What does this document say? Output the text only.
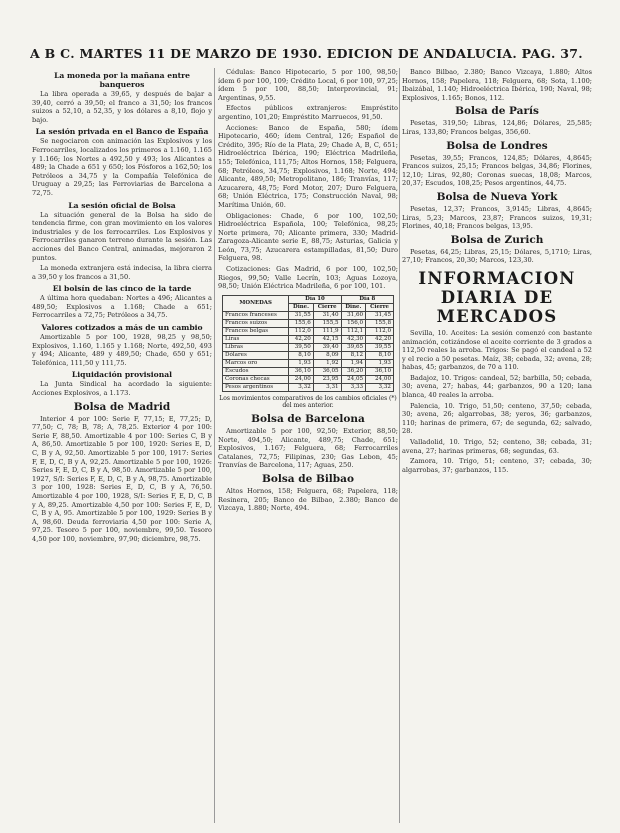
A B C. MARTES 11 DE MARZO DE 1930. EDICION DE ANDALUCIA. PAG. 37.
La moneda por la mañana entre banqueros

La libra operada a 39,65, y después de bajar a 39,40, cerró a 39,50; el franco a 31,50; los francos suizos a 52,10, a 52,35, y los dólares a 8,10, flojo y bajo.

La sesión privada en el Banco de España

Se negociaron con animación las Explosivos y los Ferrocarriles, localizados los primeros a 1.160, 1.165 y 1.166; los Nortes a 492,50 y 493; los Alicantes a 489; la Chade a 651 y 650; los Fósforos a 162,50; los Petróleos a 34,75 y la Compañía Telefónica de Uruguay a 29,25; las Ferroviarias de Barcelona a 72,75.

La sesión oficial de Bolsa

La situación general de la Bolsa ha sido de tendencia firme, con gran movimiento en los valores industriales y de los ferrocarriles. Los Explosivos y Ferrocarriles ganaron terreno durante la sesión. Las acciones del Banco Central, animadas, mejoraron 2 puntos.

La moneda extranjera está indecisa, la libra cierra a 39,50 y los francos a 31,50.

El bolsín de las cinco de la tarde

A última hora quedaban: Nortes a 496; Alicantes a 489,50; Explosivos a 1.168; Chade a 651; Ferrocarriles a 72,75; Petróleos a 34,75.

Valores cotizados a más de un cambio

Amortizable 5 por 100, 1928, 98,25 y 98,50; Explosivos, 1.160, 1.165 y 1.168; Norte, 492,50, 493 y 494; Alicante, 489 y 489,50; Chade, 650 y 651; Telefónica, 111,50 y 111,75.

Liquidación provisional

La Junta Sindical ha acordado la siguiente: Acciones Explosivos, a 1.173.

Bolsa de Madrid

Interior 4 por 100: Serie F, 77,15; E, 77,25; D, 77,50; C, 78; B, 78; A, 78,25. Exterior 4 por 100: Serie F, 88,50. Amortizable 4 por 100: Series C, B y A, 86,50. Amortizable 5 por 100, 1920: Series E, D, C, B y A, 92,50. Amortizable 5 por 100, 1917: Series F, E, D, C, B y A, 92,25. Amortizable 5 por 100, 1926: Series F, E, D, C, B y A, 98,50. Amortizable 5 por 100, 1927, S/I: Series F, E, D, C, B y A, 98,75. Amortizable 3 por 100, 1928: Series E, D, C, B y A, 76,50. Amortizable 4 por 100, 1928, S/I: Series F, E, D, C, B y A, 89,25. Amortizable 4,50 por 100: Series F, E, D, C, B y A, 95. Amortizable 5 por 100, 1929: Series B y A, 98,60. Deuda ferroviaria 4,50 por 100: Serie A, 97,25. Tesoro 5 por 100, noviembre, 99,50. Tesoro 4,50 por 100, noviembre, 97,90; diciembre, 98,75.

Cédulas: Banco Hipotecario, 5 por 100, 98,50; ídem 6 por 100, 109; Crédito Local, 6 por 100, 97,25; ídem 5 por 100, 88,50; Interprovincial, 91; Argentinas, 9,55.

Efectos públicos extranjeros: Empréstito argentino, 101,20; Empréstito Marruecos, 91,50.

Acciones: Banco de España, 580; ídem Hipotecario, 460; ídem Central, 126; Español de Crédito, 395; Río de la Plata, 29; Chade A, B, C, 651; Hidroeléctrica Ibérica, 190; Eléctrica Madrileña, 155; Telefónica, 111,75; Altos Hornos, 158; Felguera, 68; Petróleos, 34,75; Explosivos, 1.168; Norte, 494; Alicante, 489,50; Metropolitano, 186; Tranvías, 117; Azucarera, 48,75; Ford Motor, 207; Duro Felguera, 68; Unión Eléctrica, 175; Construcción Naval, 98; Marítima Unión, 60.

Obligaciones: Chade, 6 por 100, 102,50; Hidroeléctrica Española, 100; Telefónica, 98,25; Norte primera, 70; Alicante primera, 330; Madrid-Zaragoza-Alicante serie E, 88,75; Asturias, Galicia y León, 73,75; Azucarera estampilladas, 81,50; Duro Felguera, 98.

Cotizaciones: Gas Madrid, 6 por 100, 102,50; Riegos, 99,50; Valle Lecrín, 103; Aguas Lozoya, 98,50; Unión Eléctrica Madrileña, 6 por 100, 101.

MONEDAS	Día 10		Día 8	
	Dine.	Cierre	Dine.	Cierre
Francos franceses	31,55	31,40	31,60	31,45
Francos suizos	155,6	155,5	156,0	155,8
Francos belgas	112,0	111,9	112,1	112,0
Liras	42,20	42,15	42,30	42,20
Libras	39,50	39,40	39,65	39,55
Dólares	8,10	8,09	8,12	8,10
Marcos oro	1,93	1,92	1,94	1,93
Escudos	36,10	36,05	36,20	36,10
Coronas checas	24,00	23,95	24,05	24,00
Pesos argentinos	3,32	3,31	3,33	3,32
Los movimientos comparativos de los cambios oficiales (*) del mes anterior.
Bolsa de Barcelona

Amortizable 5 por 100, 92,50; Exterior, 88,50; Norte, 494,50; Alicante, 489,75; Chade, 651; Explosivos, 1.167; Felguera, 68; Ferrocarriles Catalanes, 72,75; Filipinas, 230; Gas Lebon, 45; Tranvías de Barcelona, 117; Aguas, 250.

Bolsa de Bilbao

Altos Hornos, 158; Felguera, 68; Papelera, 118; Resinera, 205; Banco de Bilbao, 2.380; Banco de Vizcaya, 1.880; Norte, 494.

Banco Bilbao, 2.380; Banco Vizcaya, 1.880; Altos Hornos, 158; Papelera, 118; Felguera, 68; Sota, 1.100; Ibaizábal, 1.140; Hidroeléctrica Ibérica, 190; Naval, 98; Explosivos, 1.165; Bonos, 112.

Bolsa de París

Pesetas, 319,50; Libras, 124,86; Dólares, 25,585; Liras, 133,80; Francos belgas, 356,60.

Bolsa de Londres

Pesetas, 39,55; Francos, 124,85; Dólares, 4,8645; Francos suizos, 25,15; Francos belgas, 34,86; Florines, 12,10; Liras, 92,80; Coronas suecas, 18,08; Marcos, 20,37; Escudos, 108,25; Pesos argentinos, 44,75.

Bolsa de Nueva York

Pesetas, 12,37; Francos, 3,9145; Libras, 4,8645; Liras, 5,23; Marcos, 23,87; Francos suizos, 19,31; Florines, 40,18; Francos belgas, 13,95.

Bolsa de Zurich

Pesetas, 64,25; Libras, 25,15; Dólares, 5,1710; Liras, 27,10; Francos, 20,30; Marcos, 123,30.

INFORMACION DIARIA DE MERCADOS

Sevilla, 10. Aceites: La sesión comenzó con bastante animación, cotizándose el aceite corriente de 3 grados a 112,50 reales la arroba. Trigos: Se pagó el candeal a 52 y el recio a 50 pesetas. Maíz, 38; cebada, 32; avena, 28; habas, 45; garbanzos, de 70 a 110.

Badajoz, 10. Trigos: candeal, 52; barbilla, 50; cebada, 30; avena, 27; habas, 44; garbanzos, 90 a 120; lana blanca, 40 reales la arroba.

Palencia, 10. Trigo, 51,50; centeno, 37,50; cebada, 30; avena, 26; algarrobas, 38; yeros, 36; garbanzos, 110; harinas de primera, 67; de segunda, 62; salvado, 28.

Valladolid, 10. Trigo, 52; centeno, 38; cebada, 31; avena, 27; harinas primeras, 68; segundas, 63.

Zamora, 10. Trigo, 51; centeno, 37; cebada, 30; algarrobas, 37; garbanzos, 115.
